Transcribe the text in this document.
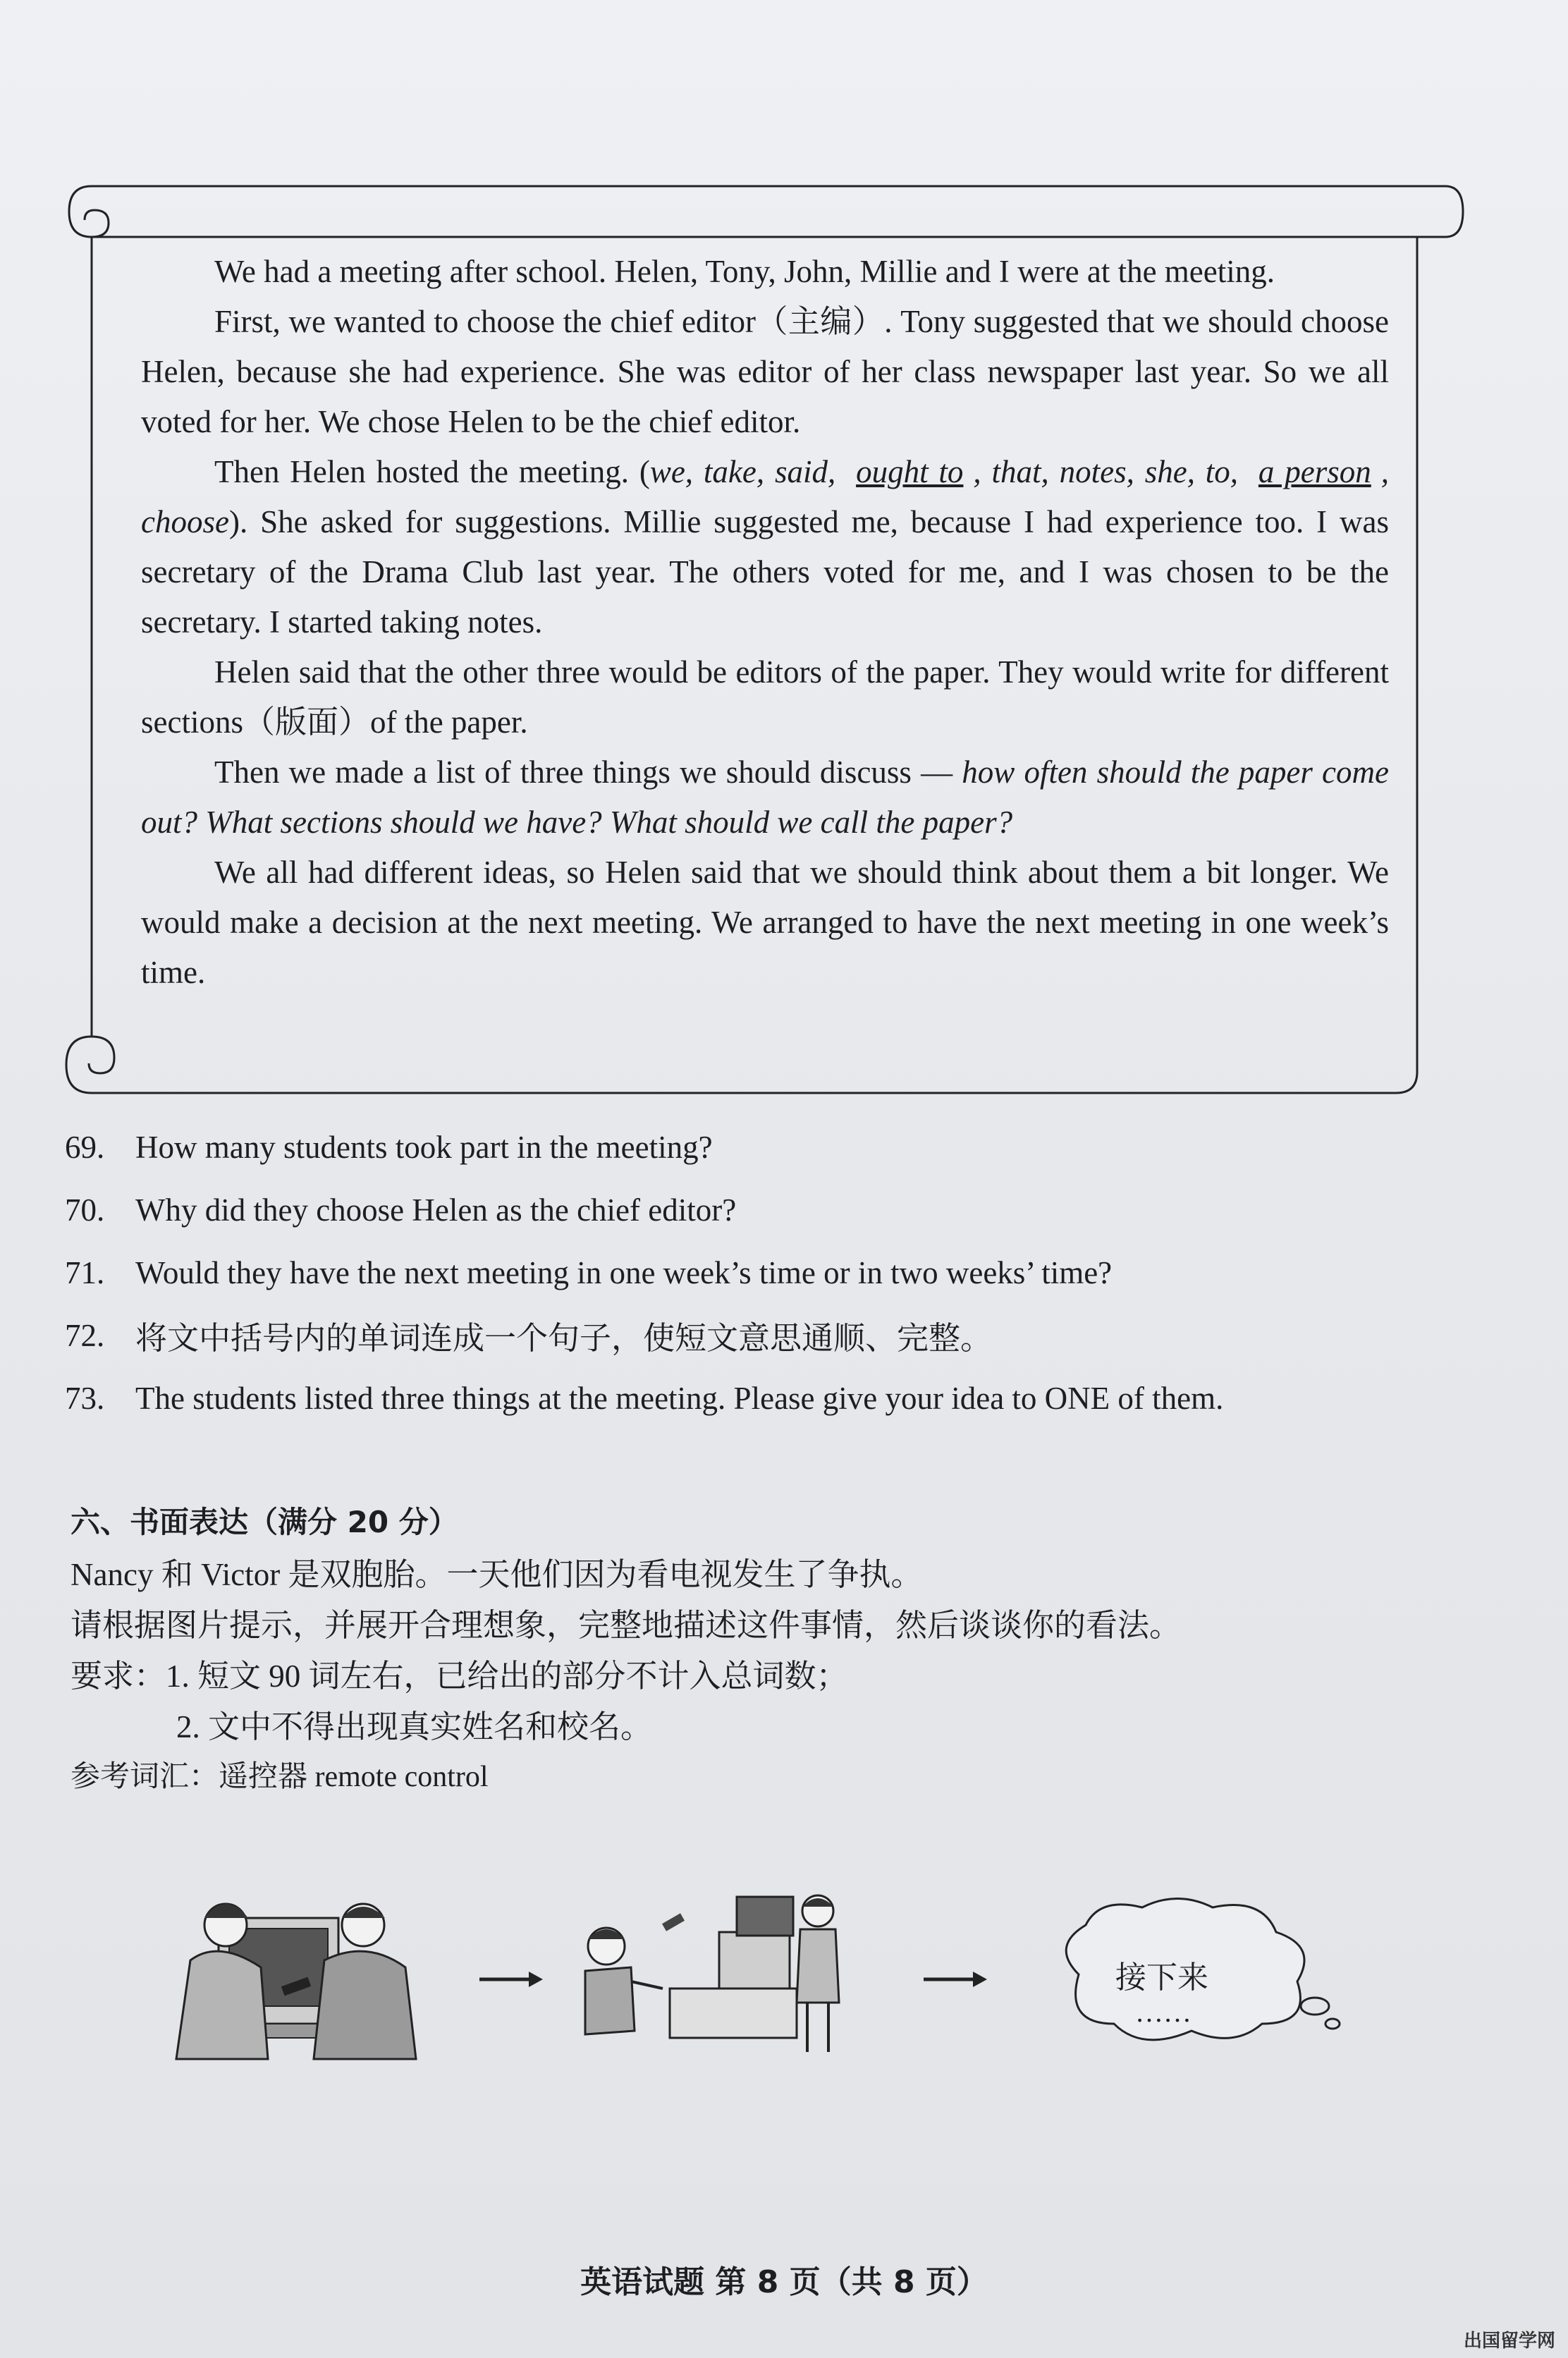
We had a meeting after school. Helen, Tony, John, Millie and I were at the meeting.

First, we wanted to choose the chief editor（主编）. Tony suggested that we should choose Helen, because she had experience. She was editor of her class newspaper last year. So we all voted for her. We chose Helen to be the chief editor.

Then Helen hosted the meeting. (we, take, said, ought to , that, notes, she, to, a person , choose). She asked for suggestions. Millie suggested me, because I had experience too. I was secretary of the Drama Club last year. The others voted for me, and I was chosen to be the secretary. I started taking notes.

Helen said that the other three would be editors of the paper. They would write for different sections（版面）of the paper.

Then we made a list of three things we should discuss — how often should the paper come out? What sections should we have? What should we call the paper?

We all had different ideas, so Helen said that we should think about them a bit longer. We would make a decision at the next meeting. We arranged to have the next meeting in one week’s time.

69. How many students took part in the meeting?
70. Why did they choose Helen as the chief editor?
71. Would they have the next meeting in one week’s time or in two weeks’ time?
72. 将文中括号内的单词连成一个句子，使短文意思通顺、完整。
73. The students listed three things at the meeting. Please give your idea to ONE of them.
六、书面表达（满分 20 分）
Nancy 和 Victor 是双胞胎。一天他们因为看电视发生了争执。
请根据图片提示，并展开合理想象，完整地描述这件事情，然后谈谈你的看法。
要求：1. 短文 90 词左右，已给出的部分不计入总词数；
2. 文中不得出现真实姓名和校名。
参考词汇：遥控器 remote control
接下来
……
英语试题 第 8 页（共 8 页）
出国留学网
